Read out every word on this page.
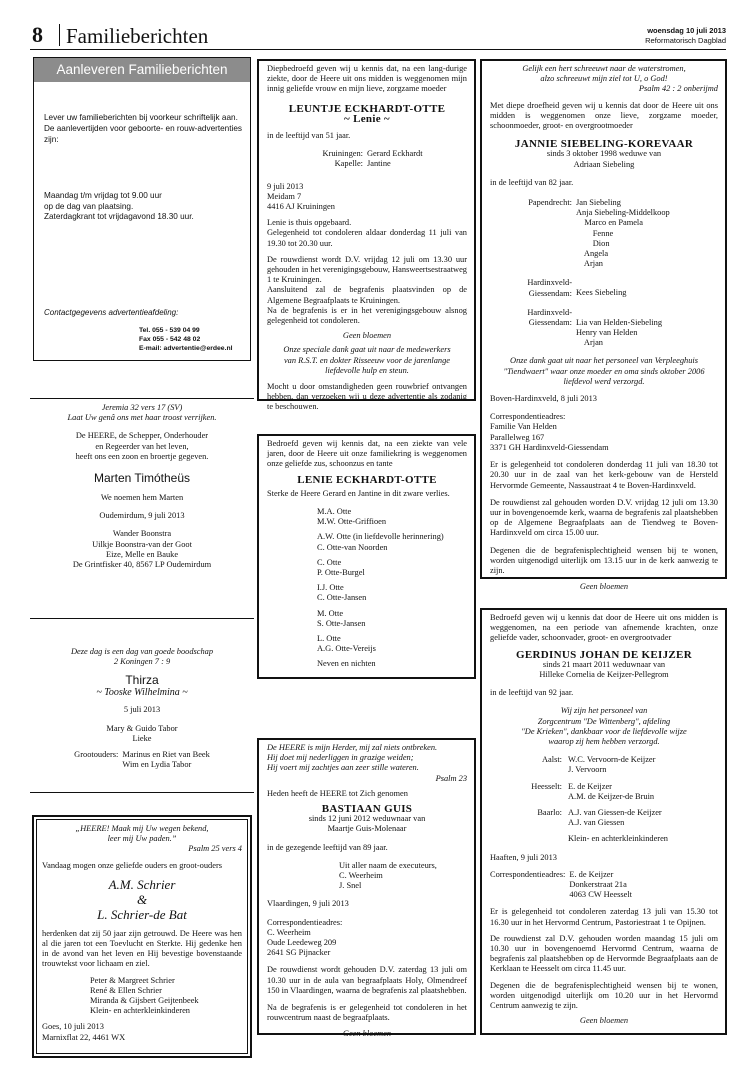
8 Familieberichten	woensdag 10 juli 2013
Reformatorisch Dagblad
Aanleveren Familieberichten
Lever uw familieberichten bij voorkeur schriftelijk aan. De aanlevertijden voor geboorte- en rouw-advertenties zijn:
Maandag t/m vrijdag tot 9.00 uur
op de dag van plaatsing.
Zaterdagkrant tot vrijdagavond 18.30 uur.
Contactgegevens advertentieafdeling:
Tel. 055 - 539 04 99
Fax 055 - 542 48 02
E-mail: advertentie@erdee.nl
Jeremia 32 vers 17 (SV)
Laat Uw genâ ons met haar troost verrijken.
De HEERE, de Schepper, Onderhouder
en Regeerder van het leven,
heeft ons een zoon en broertje gegeven.
Marten Timótheüs
We noemen hem Marten
Oudemirdum, 9 juli 2013
Wander Boonstra
Uilkje Boonstra-van der Goot
Eize, Melle en Bauke
De Grintfisker 40, 8567 LP Oudemirdum
Deze dag is een dag van goede boodschap
2 Koningen 7 : 9
Thirza
~ Tooske Wilhelmina ~
5 juli 2013
Mary & Guido Tabor
Lieke
Grootouders: Marinus en Riet van Beek
Wim en Lydia Tabor
„HEERE! Maak mij Uw wegen bekend,
leer mij Uw paden.”
Psalm 25 vers 4
Vandaag mogen onze geliefde ouders en groot-ouders
A.M. Schrier
&
L. Schrier-de Bat
herdenken dat zij 50 jaar zijn getrouwd. De Heere was hen al die jaren tot een Toevlucht en Sterkte. Hij gedenke hen in de avond van het leven en Hij bevestige bovenstaande trouwtekst voor lichaam en ziel.
Peter & Margreet Schrier
René & Ellen Schrier
Miranda & Gijsbert Geijtenbeek
Klein- en achterkleinkinderen
Goes, 10 juli 2013
Marnixflat 22, 4461 WX
Diepbedroefd geven wij u kennis dat, na een lang-durige ziekte, door de Heere uit ons midden is weggenomen mijn innig geliefde vrouw en mijn lieve, zorgzame moeder
LEUNTJE ECKHARDT-OTTE
~ Lenie ~
in de leeftijd van 51 jaar.
Kruiningen:
Kapelle:
Gerard Eckhardt
Jantine
9 juli 2013
Meidam 7
4416 AJ Kruiningen
Lenie is thuis opgebaard.
Gelegenheid tot condoleren aldaar donderdag 11 juli van 19.30 tot 20.30 uur.
De rouwdienst wordt D.V. vrijdag 12 juli om 13.30 uur gehouden in het verenigingsgebouw, Hansweertsestraatweg 1 te Kruiningen.
Aansluitend zal de begrafenis plaatsvinden op de Algemene Begraafplaats te Kruiningen.
Na de begrafenis is er in het verenigingsgebouw alsnog gelegenheid tot condoleren.
Geen bloemen
Onze speciale dank gaat uit naar de medewerkers van R.S.T. en dokter Risseeuw voor de jarenlange liefdevolle hulp en steun.
Mocht u door omstandigheden geen rouwbrief ontvangen hebben, dan verzoeken wij u deze advertentie als zodanig te beschouwen.
Bedroefd geven wij kennis dat, na een ziekte van vele jaren, door de Heere uit onze familiekring is weggenomen onze geliefde zus, schoonzus en tante
LENIE ECKHARDT-OTTE
Sterke de Heere Gerard en Jantine in dit zware verlies.
M.A. Otte
M.W. Otte-Griffioen
A.W. Otte (in liefdevolle herinnering)
C. Otte-van Noorden
C. Otte
P. Otte-Burgel
I.J. Otte
C. Otte-Jansen
M. Otte
S. Otte-Jansen
L. Otte
A.G. Otte-Vereijs
Neven en nichten
De HEERE is mijn Herder, mij zal niets ontbreken.
Hij doet mij nederliggen in grazige weiden;
Hij voert mij zachtjes aan zeer stille wateren.
Psalm 23
Heden heeft de HEERE tot Zich genomen
BASTIAAN GUIS
sinds 12 juni 2012 weduwnaar van
Maartje Guis-Molenaar
in de gezegende leeftijd van 89 jaar.
Uit aller naam de executeurs,
C. Weerheim
J. Snel
Vlaardingen, 9 juli 2013
Correspondentieadres:
C. Weerheim
Oude Leedeweg 209
2641 SG Pijnacker
De rouwdienst wordt gehouden D.V. zaterdag 13 juli om 10.30 uur in de aula van begraafplaats Holy, Olmendreef 150 in Vlaardingen, waarna de begrafenis zal plaatshebben.
Na de begrafenis is er gelegenheid tot condoleren in het rouwcentrum naast de begraafplaats.
Geen bloemen
Gelijk een hert schreeuwt naar de waterstromen,
alzo schreeuwt mijn ziel tot U, o God!
Psalm 42 : 2 onberijmd
Met diepe droefheid geven wij u kennis dat door de Heere uit ons midden is weggenomen onze lieve, zorgzame moeder, schoonmoeder, groot- en overgrootmoeder
JANNIE SIEBELING-KOREVAAR
sinds 3 oktober 1998 weduwe van
Adriaan Siebeling
in de leeftijd van 82 jaar.
Papendrecht: Jan Siebeling
Anja Siebeling-Middelkoop
Marco en Pamela
Fenne
Dion
Angela
Arjan
Hardinxveld-
Giessendam: Kees Siebeling
Hardinxveld-
Giessendam: Lia van Helden-Siebeling
Henry van Helden
Arjan
Onze dank gaat uit naar het personeel van Verpleeghuis "Tiendwaert" waar onze moeder en oma sinds oktober 2006 liefdevol werd verzorgd.
Boven-Hardinxveld, 8 juli 2013
Correspondentieadres:
Familie Van Helden
Parallelweg 167
3371 GH Hardinxveld-Giessendam
Er is gelegenheid tot condoleren donderdag 11 juli van 18.30 tot 20.30 uur in de zaal van het kerk-gebouw van de Hersteld Hervormde Gemeente, Nassaustraat 4 te Boven-Hardinxveld.
De rouwdienst zal gehouden worden D.V. vrijdag 12 juli om 13.30 uur in bovengenoemde kerk, waarna de begrafenis zal plaatshebben op de Algemene Begraafplaats aan de Tiendweg te Boven-Hardinxveld om circa 15.00 uur.
Degenen die de begrafenisplechtigheid wensen bij te wonen, worden uitgenodigd uiterlijk om 13.15 uur in de kerk aanwezig te zijn.
Geen bloemen
Bedroefd geven wij u kennis dat door de Heere uit ons midden is weggenomen, na een periode van afnemende krachten, onze geliefde vader, schoonvader, groot- en overgrootvader
GERDINUS JOHAN DE KEIJZER
sinds 21 maart 2011 weduwnaar van
Hilleke Cornelia de Keijzer-Pellegrom
in de leeftijd van 92 jaar.
Wij zijn het personeel van
Zorgcentrum "De Wittenberg", afdeling
"De Krieken", dankbaar voor de liefdevolle wijze
waarop zij hem hebben verzorgd.
Aalst: W.C. Vervoorn-de Keijzer
J. Vervoorn
Heesselt: E. de Keijzer
A.M. de Keijzer-de Bruin
Baarlo: A.J. van Giessen-de Keijzer
A.J. van Giessen
Klein- en achterkleinkinderen
Haaften, 9 juli 2013
Correspondentieadres: E. de Keijzer
Donkerstraat 21a
4063 CW Heesselt
Er is gelegenheid tot condoleren zaterdag 13 juli van 15.30 tot 16.30 uur in het Hervormd Centrum, Pastoriestraat 1 te Opijnen.
De rouwdienst zal D.V. gehouden worden maandag 15 juli om 10.30 uur in bovengenoemd Hervormd Centrum, waarna de begrafenis zal plaatshebben op de Hervormde Begraafplaats aan de Kerklaan te Heesselt om circa 11.45 uur.
Degenen die de begrafenisplechtigheid wensen bij te wonen, worden uitgenodigd uiterlijk om 10.20 uur in het Hervormd Centrum aanwezig te zijn.
Geen bloemen
